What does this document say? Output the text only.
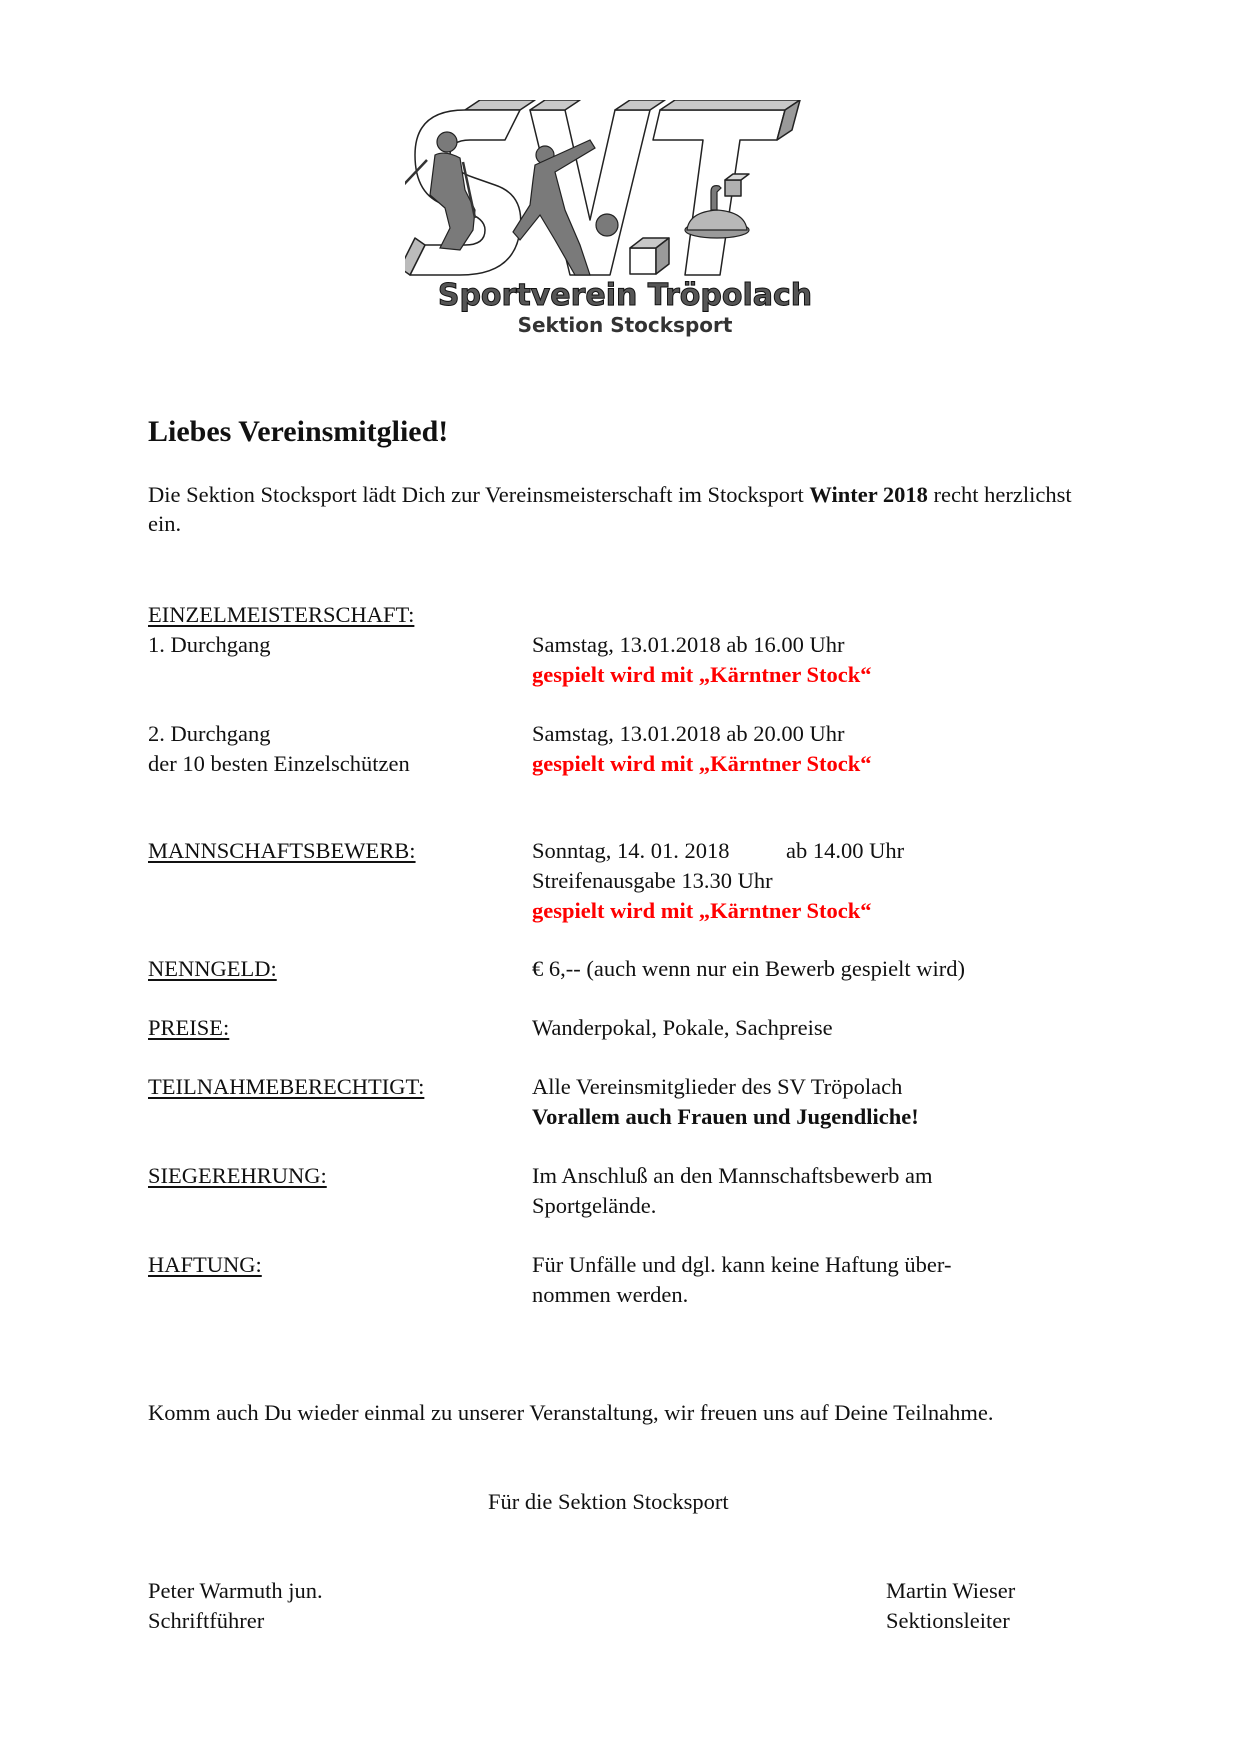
Sportverein Tröpolach
Sektion Stocksport
Liebes Vereinsmitglied!
Die Sektion Stocksport lädt Dich zur Vereinsmeisterschaft im Stocksport Winter 2018 recht herzlichst ein.
EINZELMEISTERSCHAFT:
1. Durchgang	Samstag, 13.01.2018 ab 16.00 Uhr
gespielt wird mit „Kärntner Stock“
2. Durchgang	Samstag, 13.01.2018 ab 20.00 Uhr
der 10 besten Einzelschützen	gespielt wird mit „Kärntner Stock“
MANNSCHAFTSBEWERB:	Sonntag, 14. 01. 2018	ab 14.00 Uhr
Streifenausgabe 13.30 Uhr
gespielt wird mit „Kärntner Stock“
NENNGELD:	€ 6,-- (auch wenn nur ein Bewerb gespielt wird)
PREISE:	Wanderpokal, Pokale, Sachpreise
TEILNAHMEBERECHTIGT:	Alle Vereinsmitglieder des SV Tröpolach
Vorallem auch Frauen und Jugendliche!
SIEGEREHRUNG:	Im Anschluß an den Mannschaftsbewerb am
Sportgelände.
HAFTUNG:	Für Unfälle und dgl. kann keine Haftung über-
nommen werden.
Komm auch Du wieder einmal zu unserer Veranstaltung, wir freuen uns auf Deine Teilnahme.
Für die Sektion Stocksport
Peter Warmuth jun.
Schriftführer
Martin Wieser
Sektionsleiter
